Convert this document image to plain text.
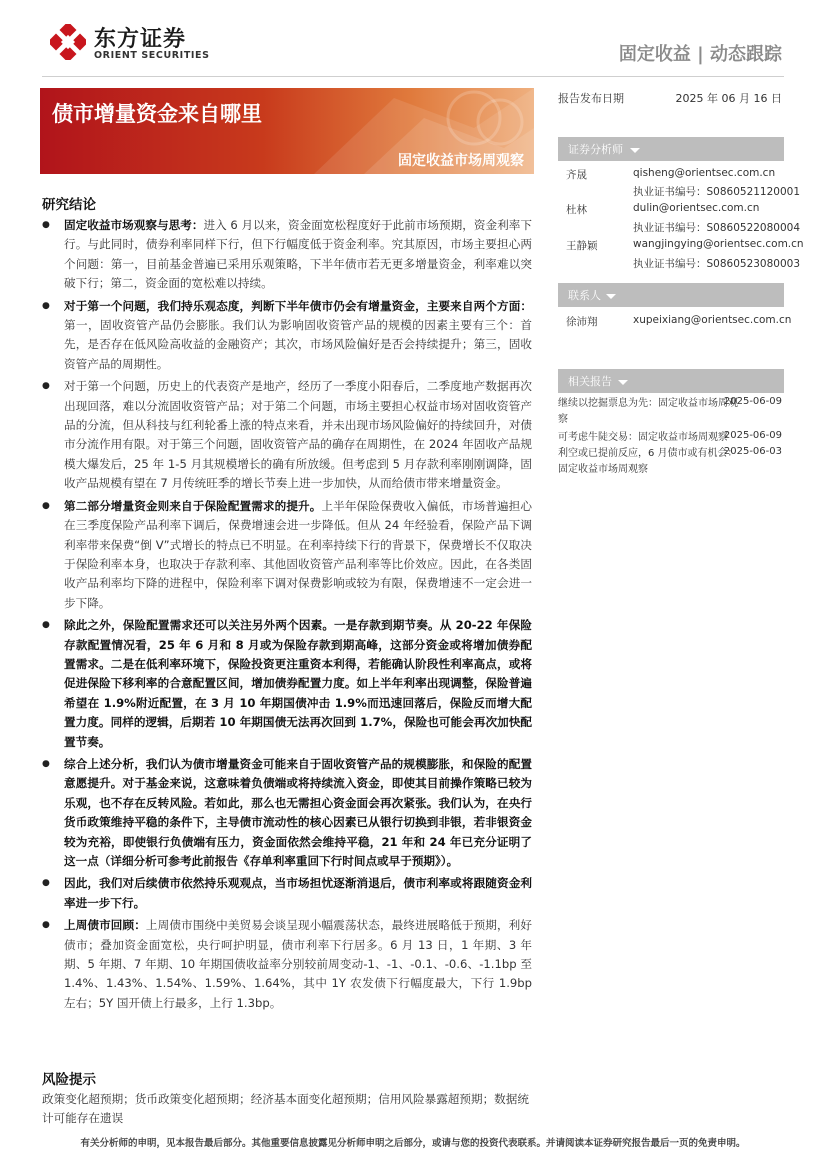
东方证券
ORIENT SECURITIES	固定收益 | 动态跟踪
债市增量资金来自哪里
固定收益市场周观察
研究结论
● 固定收益市场观察与思考：进入 6 月以来，资金面宽松程度好于此前市场预期，资金利率下行。与此同时，债券利率同样下行，但下行幅度低于资金利率。究其原因，市场主要担心两个问题：第一，目前基金普遍已采用乐观策略，下半年债市若无更多增量资金，利率难以突破下行；第二，资金面的宽松难以持续。
● 对于第一个问题，我们持乐观态度，判断下半年债市仍会有增量资金，主要来自两个方面：第一，固收资管产品仍会膨胀。我们认为影响固收资管产品的规模的因素主要有三个：首先，是否存在低风险高收益的金融资产；其次，市场风险偏好是否会持续提升；第三，固收资管产品的周期性。
● 对于第一个问题，历史上的代表资产是地产，经历了一季度小阳春后，二季度地产数据再次出现回落，难以分流固收资管产品；对于第二个问题，市场主要担心权益市场对固收资管产品的分流，但从科技与红利轮番上涨的特点来看，并未出现市场风险偏好的持续回升，对债市分流作用有限。对于第三个问题，固收资管产品的确存在周期性，在 2024 年固收产品规模大爆发后，25 年 1-5 月其规模增长的确有所放缓。但考虑到 5 月存款利率刚刚调降，固收产品规模有望在 7 月传统旺季的增长节奏上进一步加快，从而给债市带来增量资金。
● 第二部分增量资金则来自于保险配置需求的提升。上半年保险保费收入偏低，市场普遍担心在三季度保险产品利率下调后，保费增速会进一步降低。但从 24 年经验看，保险产品下调利率带来保费“倒 V”式增长的特点已不明显。在利率持续下行的背景下，保费增长不仅取决于保险利率本身，也取决于存款利率、其他固收资管产品利率等比价效应。因此，在各类固收产品利率均下降的进程中，保险利率下调对保费影响或较为有限，保费增速不一定会进一步下降。
● 除此之外，保险配置需求还可以关注另外两个因素。一是存款到期节奏。从 20-22 年保险存款配置情况看，25 年 6 月和 8 月或为保险存款到期高峰，这部分资金或将增加债券配置需求。二是在低利率环境下，保险投资更注重资本利得，若能确认阶段性利率高点，或将促进保险下移利率的合意配置区间，增加债券配置力度。如上半年利率出现调整，保险普遍希望在 1.9%附近配置，在 3 月 10 年期国债冲击 1.9%而迅速回落后，保险反而增大配置力度。同样的逻辑，后期若 10 年期国债无法再次回到 1.7%，保险也可能会再次加快配置节奏。
● 综合上述分析，我们认为债市增量资金可能来自于固收资管产品的规模膨胀，和保险的配置意愿提升。对于基金来说，这意味着负债端或将持续流入资金，即使其目前操作策略已较为乐观，也不存在反转风险。若如此，那么也无需担心资金面会再次紧张。我们认为，在央行货币政策维持平稳的条件下，主导债市流动性的核心因素已从银行切换到非银，若非银资金较为充裕，即使银行负债端有压力，资金面依然会维持平稳，21 年和 24 年已充分证明了这一点（详细分析可参考此前报告《存单利率重回下行时间点或早于预期》）。
● 因此，我们对后续债市依然持乐观观点，当市场担忧逐渐消退后，债市利率或将跟随资金利率进一步下行。
● 上周债市回顾：上周债市围绕中美贸易会谈呈现小幅震荡状态，最终进展略低于预期，利好债市；叠加资金面宽松，央行呵护明显，债市利率下行居多。6 月 13 日，1 年期、3 年期、5 年期、7 年期、10 年期国债收益率分别较前周变动-1、-1、-0.1、-0.6、-1.1bp 至 1.4%、1.43%、1.54%、1.59%、1.64%，其中 1Y 农发债下行幅度最大，下行 1.9bp 左右；5Y 国开债上行最多，上行 1.3bp。
风险提示
政策变化超预期；货币政策变化超预期；经济基本面变化超预期；信用风险暴露超预期；数据统计可能存在遗误
报告发布日期	2025 年 06 月 16 日
证券分析师
齐晟	qisheng@orientsec.com.cn
执业证书编号：S0860521120001
杜林	dulin@orientsec.com.cn
执业证书编号：S0860522080004
王静颖	wangjingying@orientsec.com.cn
执业证书编号：S0860523080003
联系人
徐沛翔	xupeixiang@orientsec.com.cn
相关报告
继续以挖掘票息为先：固定收益市场周观察
2025-06-09
可考虑牛陡交易：固定收益市场周观察
2025-06-09
利空或已提前反应，6 月债市或有机会：固定收益市场周观察
2025-06-03
有关分析师的申明，见本报告最后部分。其他重要信息披露见分析师申明之后部分，或请与您的投资代表联系。并请阅读本证券研究报告最后一页的免责申明。
